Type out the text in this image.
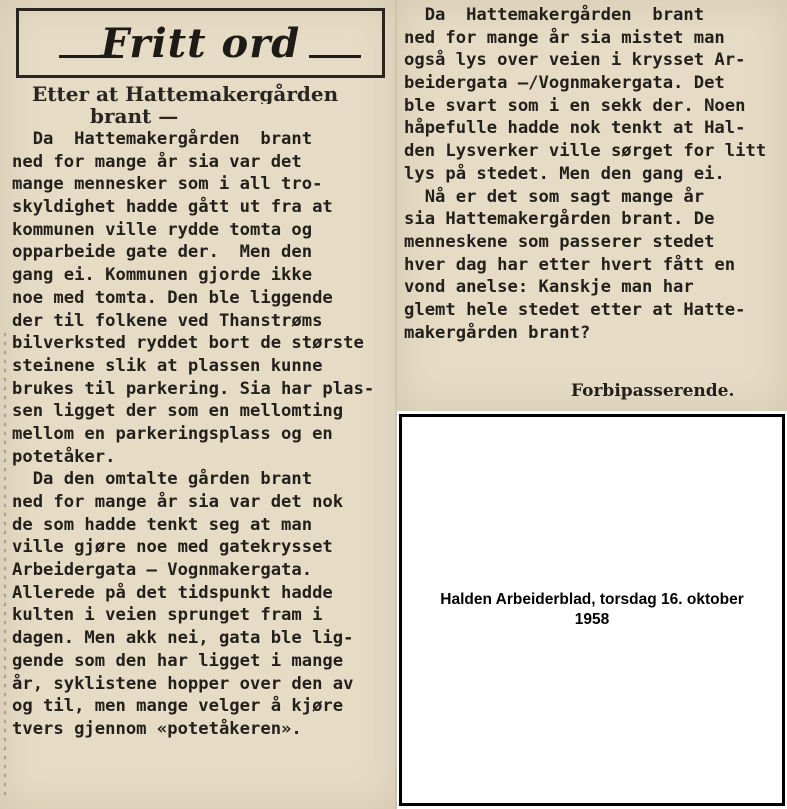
Fritt ord
Etter at Hattemakergården
brant —
Da  Hattemakergården  brant
ned for mange år sia var det
mange mennesker som i all tro-
skyldighet hadde gått ut fra at
kommunen ville rydde tomta og
opparbeide gate der.  Men den
gang ei. Kommunen gjorde ikke
noe med tomta. Den ble liggende
der til folkene ved Thanstrøms
bilverksted ryddet bort de største
steinene slik at plassen kunne
brukes til parkering. Sia har plas-
sen ligget der som en mellomting
mellom en parkeringsplass og en
potetåker.
Da den omtalte gården brant
ned for mange år sia var det nok
de som hadde tenkt seg at man
ville gjøre noe med gatekrysset
Arbeidergata — Vognmakergata.
Allerede på det tidspunkt hadde
kulten i veien sprunget fram i
dagen. Men akk nei, gata ble lig-
gende som den har ligget i mange
år, syklistene hopper over den av
og til, men mange velger å kjøre
tvers gjennom «potetåkeren».
Da  Hattemakergården  brant
ned for mange år sia mistet man
også lys over veien i krysset Ar-
beidergata —/Vognmakergata. Det
ble svart som i en sekk der. Noen
håpefulle hadde nok tenkt at Hal-
den Lysverker ville sørget for litt
lys på stedet. Men den gang ei.
Nå er det som sagt mange år
sia Hattemakergården brant. De
menneskene som passerer stedet
hver dag har etter hvert fått en
vond anelse: Kanskje man har
glemt hele stedet etter at Hatte-
makergården brant?
Forbipasserende.
Halden Arbeiderblad, torsdag 16. oktober
1958
